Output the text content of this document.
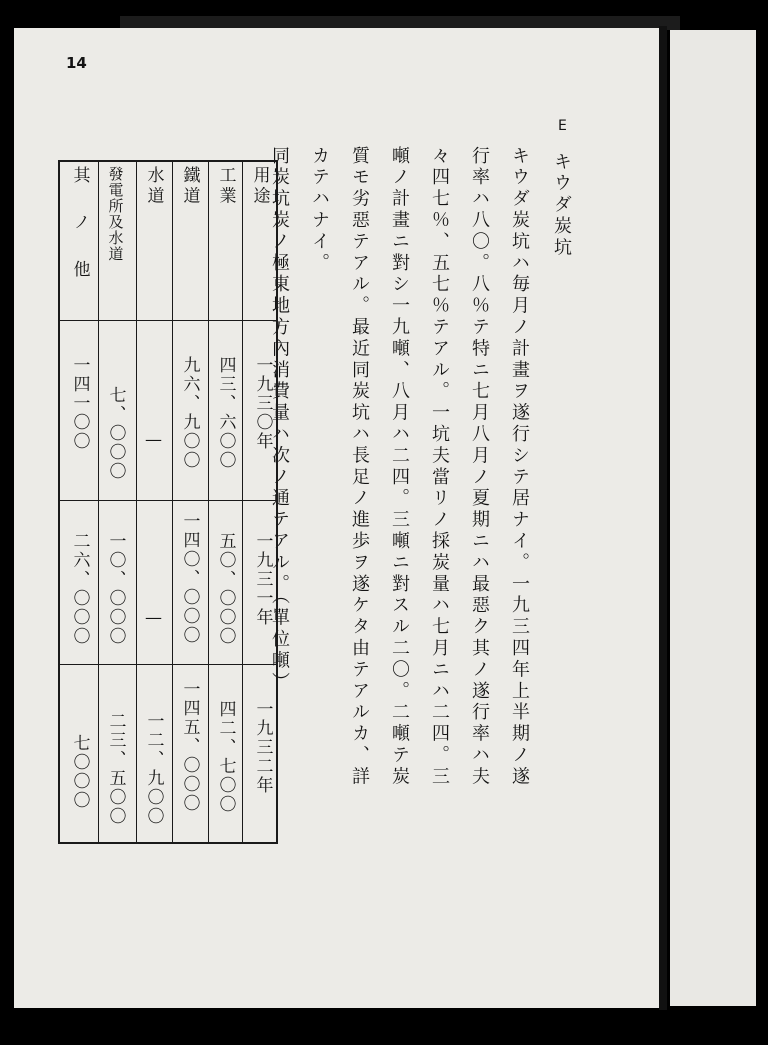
14
E
キウダ炭坑
キウダ炭坑ハ毎月ノ計畫ヲ遂行シテ居ナイ。一九三四年上半期ノ遂
行率ハ八〇。八％テ特ニ七月八月ノ夏期ニハ最惡ク其ノ遂行率ハ夫
々四七％、五七％テアル。一坑夫當リノ採炭量ハ七月ニハ二四。三
噸ノ計畫ニ對シ一九噸、八月ハ二四。三噸ニ對スル二〇。二噸テ炭
質モ劣惡テアル。最近同炭坑ハ長足ノ進歩ヲ遂ケタ由テアルカ、詳
カテハナイ。
同炭坑炭ノ極東地方內消費量ハ次ノ通テアル。（單位噸）
用途
工業
鐵道
水道
發電所及水道
其ノ他
一九三〇年
一九三一年
一九三二年
四三、六〇〇
九六、九〇〇
—
七、〇〇〇
一四一〇〇
五〇、〇〇〇
一四〇、〇〇〇
—
一〇、〇〇〇
二六、〇〇〇
四二、七〇〇
一四五、〇〇〇
一二、九〇〇
二三、五〇〇
七〇〇〇
